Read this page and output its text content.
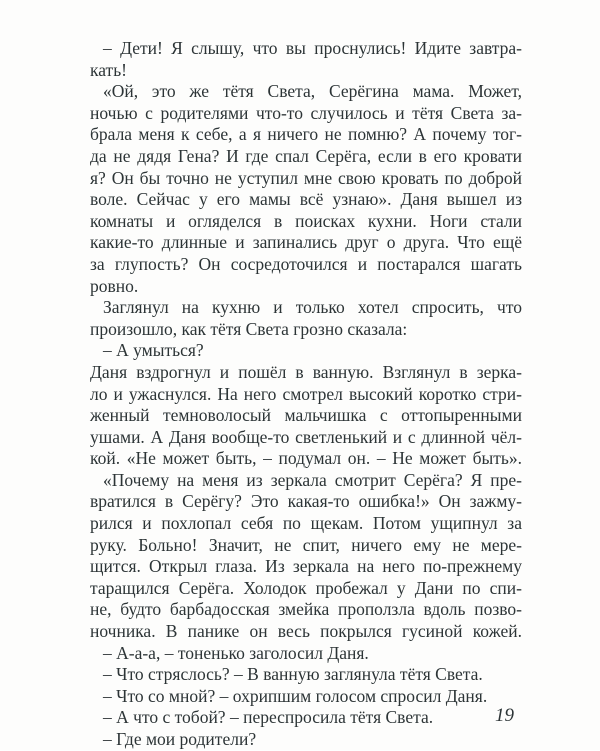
– Дети! Я слышу, что вы проснулись! Идите завтра-
кать!
«Ой, это же тётя Света, Серёгина мама. Может,
ночью с родителями что-то случилось и тётя Света за-
брала меня к себе, а я ничего не помню? А почему тог-
да не дядя Гена? И где спал Серёга, если в его кровати
я? Он бы точно не уступил мне свою кровать по доброй
воле. Сейчас у его мамы всё узнаю». Даня вышел из
комнаты и огляделся в поисках кухни. Ноги стали
какие-то длинные и запинались друг о друга. Что ещё
за глупость? Он сосредоточился и постарался шагать
ровно.
Заглянул на кухню и только хотел спросить, что
произошло, как тётя Света грозно сказала:
– А умыться?
Даня вздрогнул и пошёл в ванную. Взглянул в зерка-
ло и ужаснулся. На него смотрел высокий коротко стри-
женный темноволосый мальчишка с оттопыренными
ушами. А Даня вообще-то светленький и с длинной чёл-
кой. «Не может быть, – подумал он. – Не может быть».
«Почему на меня из зеркала смотрит Серёга? Я пре-
вратился в Серёгу? Это какая-то ошибка!» Он зажму-
рился и похлопал себя по щекам. Потом ущипнул за
руку. Больно! Значит, не спит, ничего ему не мере-
щится. Открыл глаза. Из зеркала на него по-прежнему
таращился Серёга. Холодок пробежал у Дани по спи-
не, будто барбадосская змейка проползла вдоль позво-
ночника. В панике он весь покрылся гусиной кожей.
– А-а-а, – тоненько заголосил Даня.
– Что стряслось? – В ванную заглянула тётя Света.
– Что со мной? – охрипшим голосом спросил Даня.
– А что с тобой? – переспросила тётя Света.
– Где мои родители?
19
